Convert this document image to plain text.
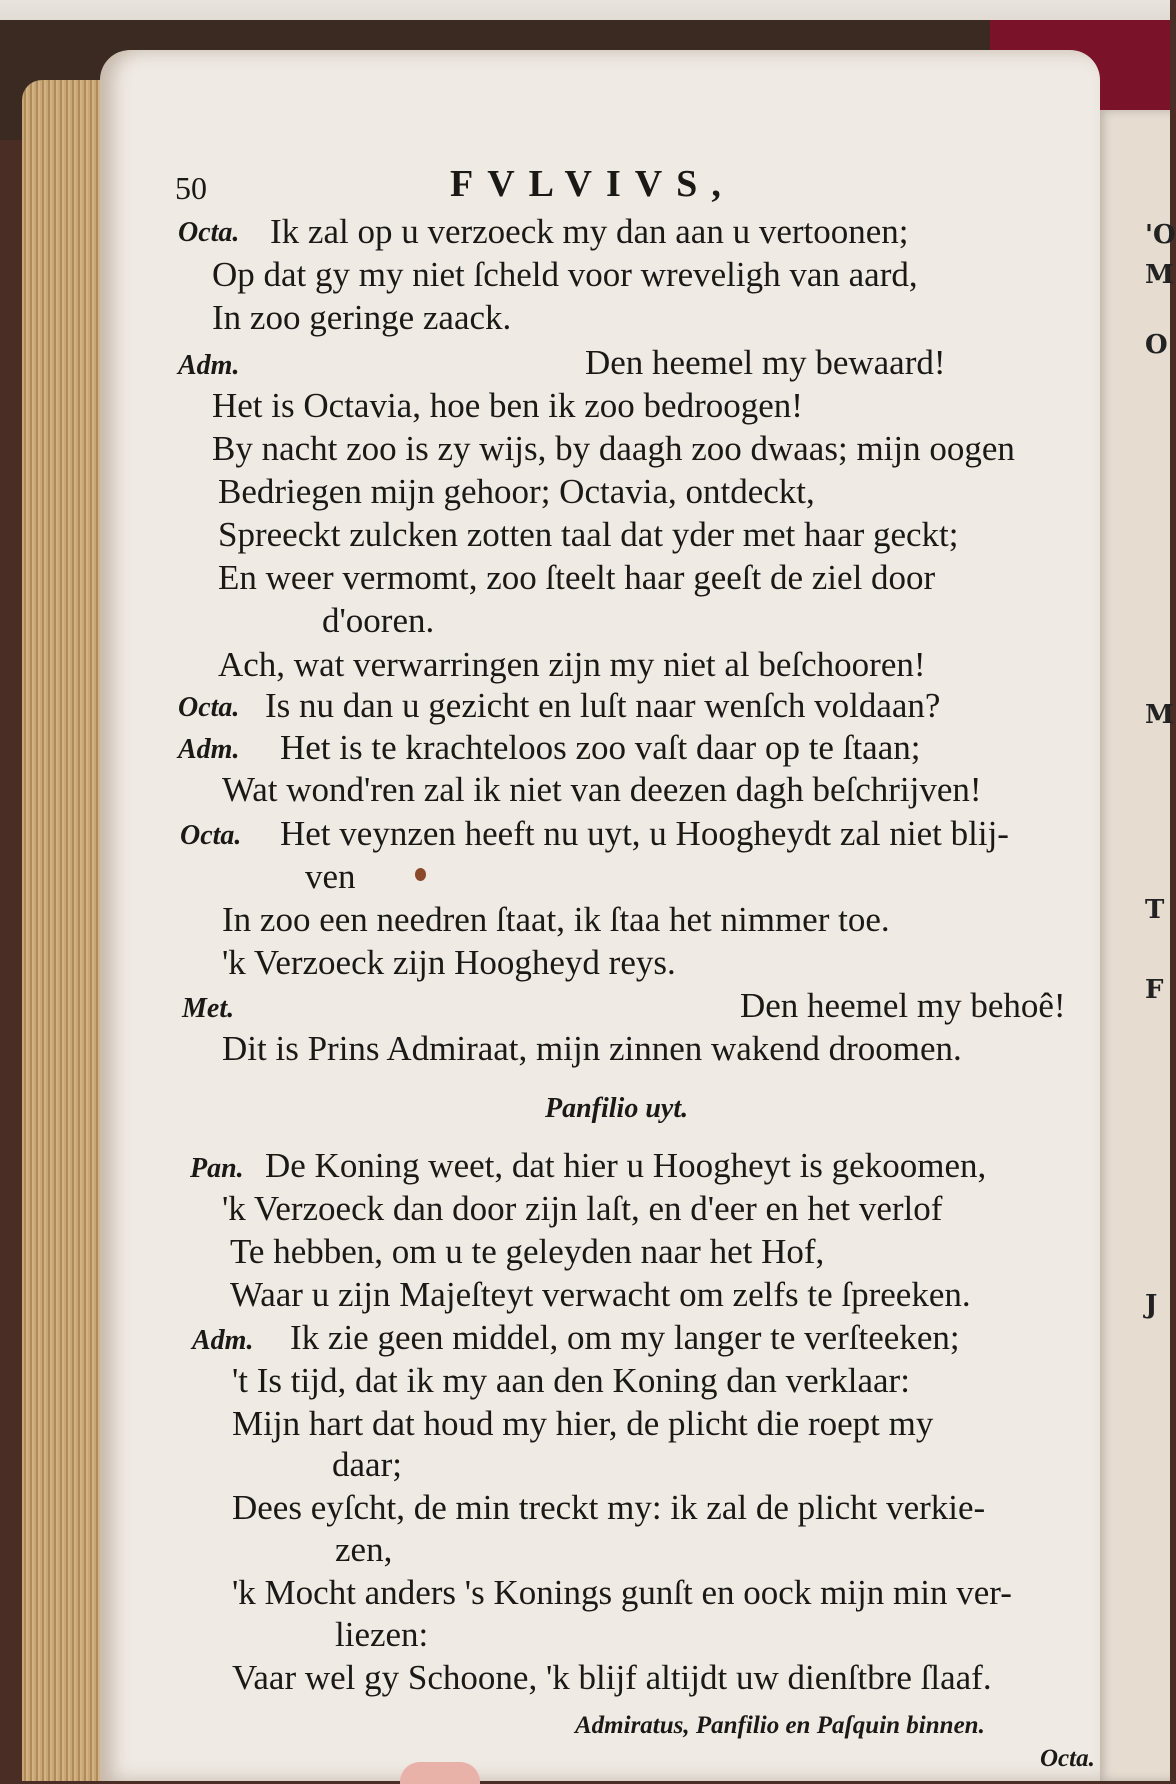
'O
M
O
M
T
F
J
50	FVLVIVS,
Octa. Ik zal op u verzoeck my dan aan u vertoonen;
Op dat gy my niet ſcheld voor wreveligh van aard,
In zoo geringe zaack.
Adm.	Den heemel my bewaard!
Het is Octavia, hoe ben ik zoo bedroogen!
By nacht zoo is zy wijs, by daagh zoo dwaas; mijn oogen
Bedriegen mijn gehoor; Octavia, ontdeckt,
Spreeckt zulcken zotten taal dat yder met haar geckt;
En weer vermomt, zoo ſteelt haar geeſt de ziel door
d'ooren.
Ach, wat verwarringen zijn my niet al beſchooren!
Octa. Is nu dan u gezicht en luſt naar wenſch voldaan?
Adm. Het is te krachteloos zoo vaſt daar op te ſtaan;
Wat wond'ren zal ik niet van deezen dagh beſchrijven!
Octa. Het veynzen heeft nu uyt, u Hoogheydt zal niet blij-
ven
In zoo een needren ſtaat, ik ſtaa het nimmer toe.
'k Verzoeck zijn Hoogheyd reys.
Met.	Den heemel my behoê!
Dit is Prins Admiraat, mijn zinnen wakend droomen.
Panfilio uyt.
Pan. De Koning weet, dat hier u Hoogheyt is gekoomen,
'k Verzoeck dan door zijn laſt, en d'eer en het verlof
Te hebben, om u te geleyden naar het Hof,
Waar u zijn Majeſteyt verwacht om zelfs te ſpreeken.
Adm. Ik zie geen middel, om my langer te verſteeken;
't Is tijd, dat ik my aan den Koning dan verklaar:
Mijn hart dat houd my hier, de plicht die roept my
daar;
Dees eyſcht, de min treckt my: ik zal de plicht verkie-
zen,
'k Mocht anders 's Konings gunſt en oock mijn min ver-
liezen:
Vaar wel gy Schoone, 'k blijf altijdt uw dienſtbre ſlaaf.
Admiratus, Panfilio en Paſquin binnen.
Octa.
